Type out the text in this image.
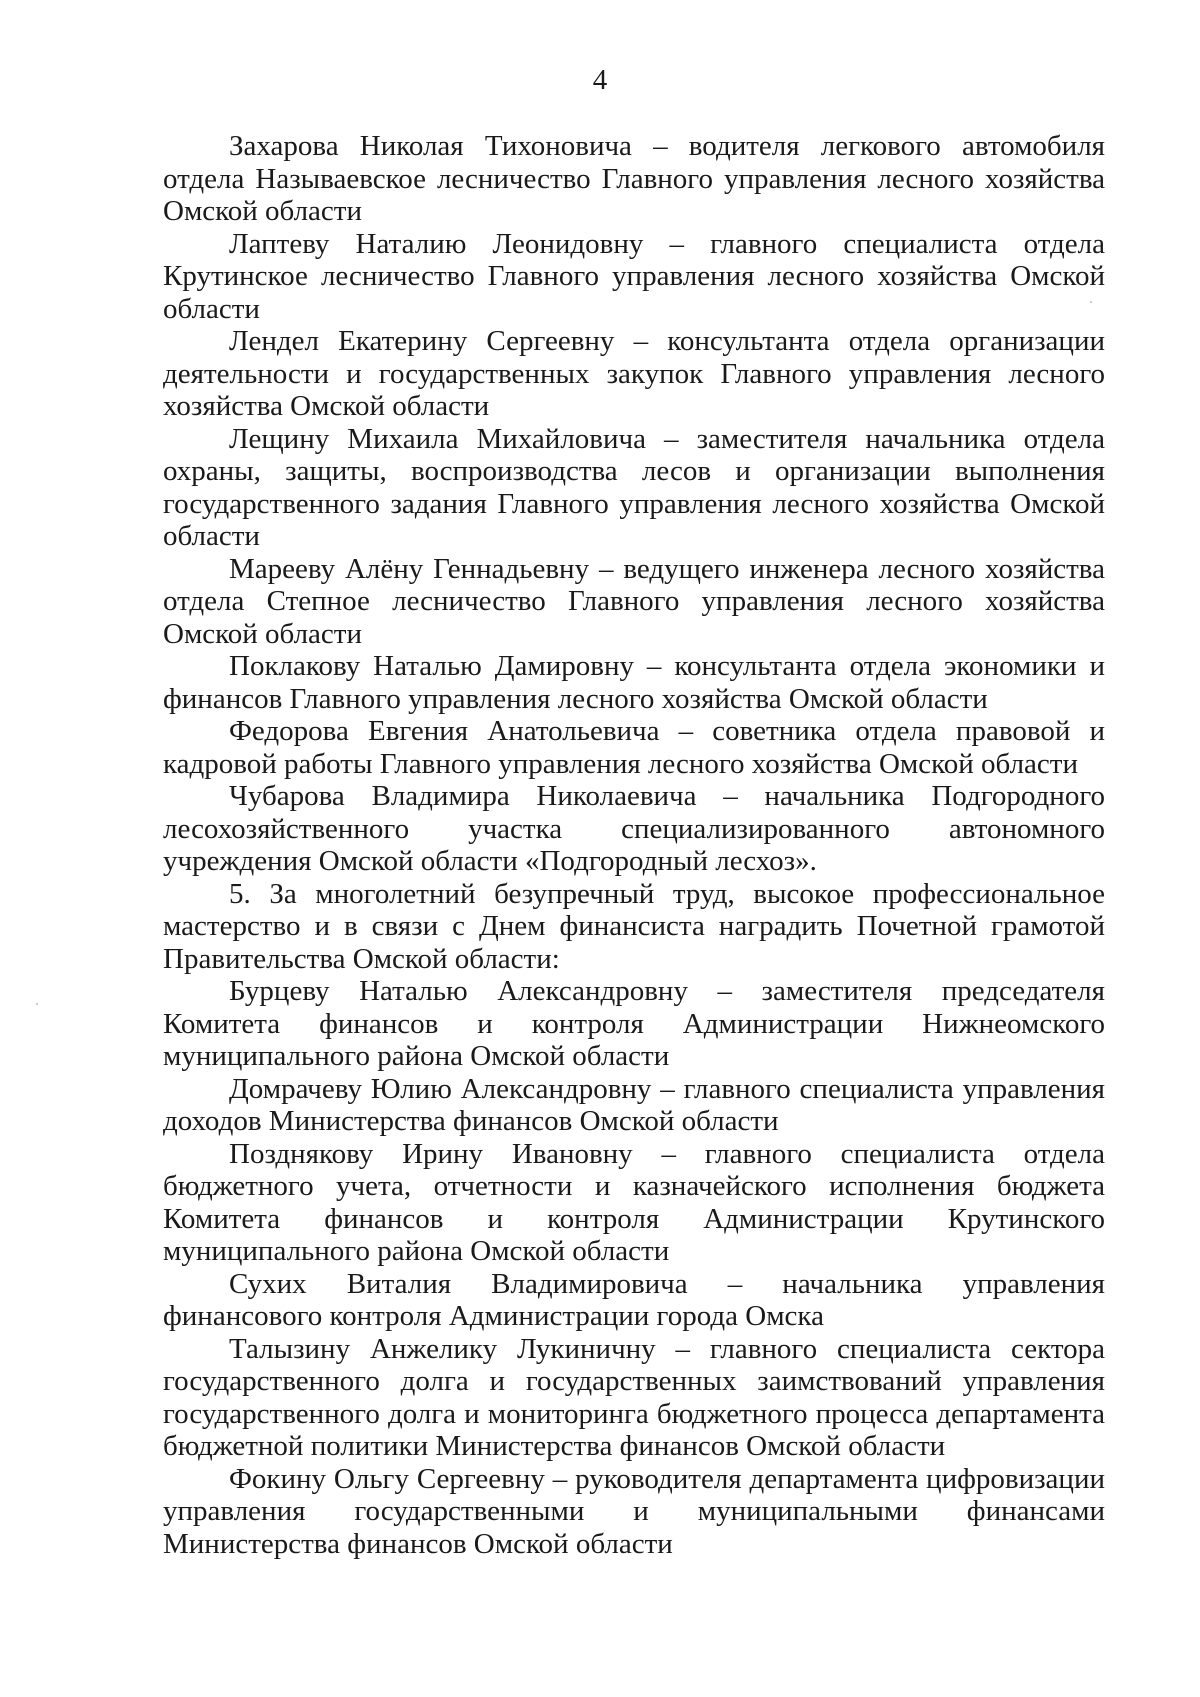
4

Захарова Николая Тихоновича – водителя легкового автомобиля отдела Называевское лесничество Главного управления лесного хозяйства Омской области

Лаптеву Наталию Леонидовну – главного специалиста отдела Крутинское лесничество Главного управления лесного хозяйства Омской области

Лендел Екатерину Сергеевну – консультанта отдела организации деятельности и государственных закупок Главного управления лесного хозяйства Омской области

Лещину Михаила Михайловича – заместителя начальника отдела охраны, защиты, воспроизводства лесов и организации выполнения государственного задания Главного управления лесного хозяйства Омской области

Марееву Алёну Геннадьевну – ведущего инженера лесного хозяйства отдела Степное лесничество Главного управления лесного хозяйства Омской области

Поклакову Наталью Дамировну – консультанта отдела экономики и финансов Главного управления лесного хозяйства Омской области

Федорова Евгения Анатольевича – советника отдела правовой и кадровой работы Главного управления лесного хозяйства Омской области

Чубарова Владимира Николаевича – начальника Подгородного лесохозяйственного участка специализированного автономного учреждения Омской области «Подгородный лесхоз».

5. За многолетний безупречный труд, высокое профессиональное мастерство и в связи с Днем финансиста наградить Почетной грамотой Правительства Омской области:

Бурцеву Наталью Александровну – заместителя председателя Комитета финансов и контроля Администрации Нижнеомского муниципального района Омской области

Домрачеву Юлию Александровну – главного специалиста управления доходов Министерства финансов Омской области

Позднякову Ирину Ивановну – главного специалиста отдела бюджетного учета, отчетности и казначейского исполнения бюджета Комитета финансов и контроля Администрации Крутинского муниципального района Омской области

Сухих Виталия Владимировича – начальника управления финансового контроля Администрации города Омска

Талызину Анжелику Лукиничну – главного специалиста сектора государственного долга и государственных заимствований управления государственного долга и мониторинга бюджетного процесса департамента бюджетной политики Министерства финансов Омской области

Фокину Ольгу Сергеевну – руководителя департамента цифровизации управления государственными и муниципальными финансами Министерства финансов Омской области
